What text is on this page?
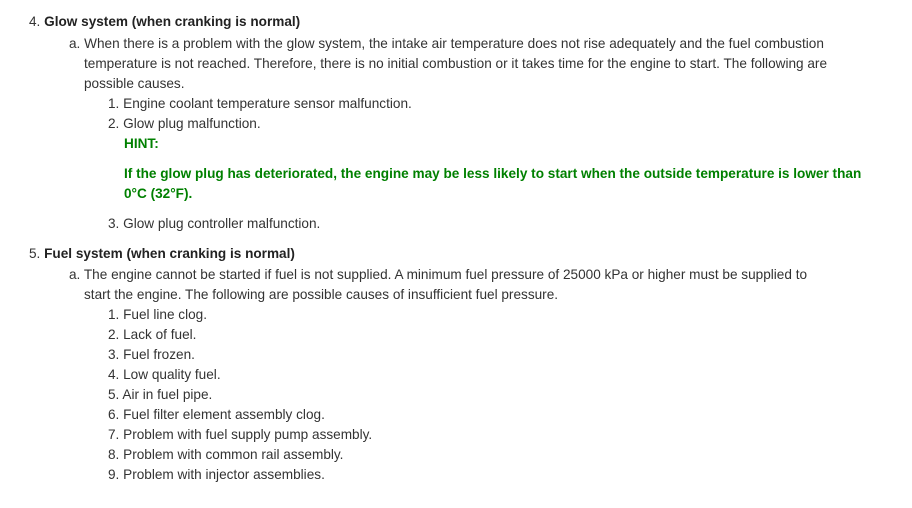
4. Glow system (when cranking is normal)
a. When there is a problem with the glow system, the intake air temperature does not rise adequately and the fuel combustion
temperature is not reached. Therefore, there is no initial combustion or it takes time for the engine to start. The following are
possible causes.
1. Engine coolant temperature sensor malfunction.
2. Glow plug malfunction.
HINT:
If the glow plug has deteriorated, the engine may be less likely to start when the outside temperature is lower than
0°C (32°F).
3. Glow plug controller malfunction.
5. Fuel system (when cranking is normal)
a. The engine cannot be started if fuel is not supplied. A minimum fuel pressure of 25000 kPa or higher must be supplied to
start the engine. The following are possible causes of insufficient fuel pressure.
1. Fuel line clog.
2. Lack of fuel.
3. Fuel frozen.
4. Low quality fuel.
5. Air in fuel pipe.
6. Fuel filter element assembly clog.
7. Problem with fuel supply pump assembly.
8. Problem with common rail assembly.
9. Problem with injector assemblies.
